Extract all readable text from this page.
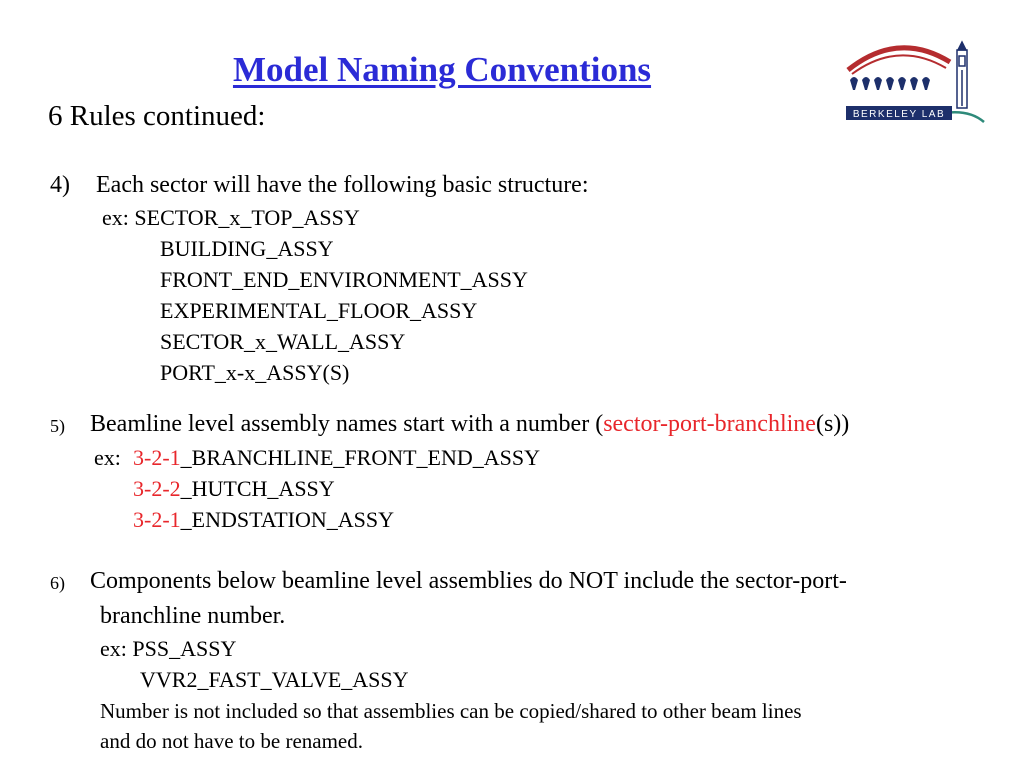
Model Naming Conventions
6 Rules continued:	BERKELEY LAB
4) Each sector will have the following basic structure:
ex: SECTOR_x_TOP_ASSY
BUILDING_ASSY
FRONT_END_ENVIRONMENT_ASSY
EXPERIMENTAL_FLOOR_ASSY
SECTOR_x_WALL_ASSY
PORT_x-x_ASSY(S)
5) Beamline level assembly names start with a number (sector-port-branchline(s))
ex: 3-2-1_BRANCHLINE_FRONT_END_ASSY
3-2-2_HUTCH_ASSY
3-2-1_ENDSTATION_ASSY
6) Components below beamline level assemblies do NOT include the sector-port-
branchline number.
ex: PSS_ASSY
VVR2_FAST_VALVE_ASSY
Number is not included so that assemblies can be copied/shared to other beam lines
and do not have to be renamed.
